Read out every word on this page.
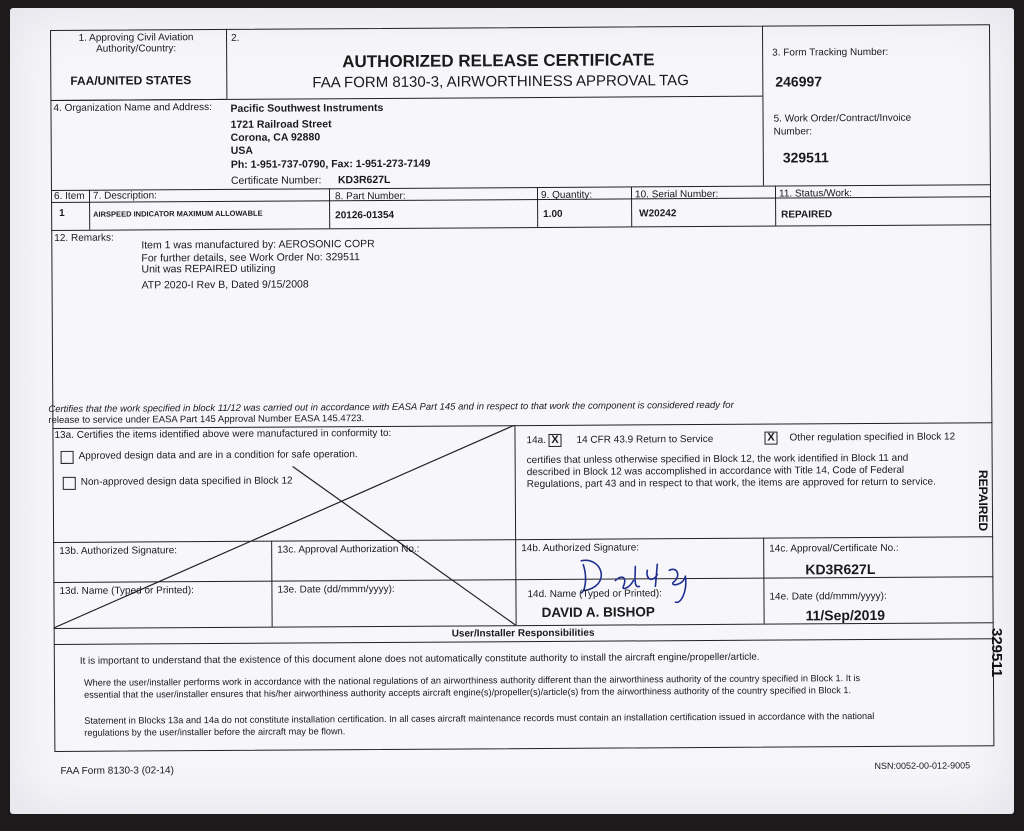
1. Approving Civil Aviation Authority/Country:
FAA/UNITED STATES
2.
AUTHORIZED RELEASE CERTIFICATE
FAA FORM 8130-3, AIRWORTHINESS APPROVAL TAG
3. Form Tracking Number:
246997
4. Organization Name and Address: Pacific Southwest Instruments
1721 Railroad Street
Corona, CA 92880
USA
Ph: 1-951-737-0790, Fax: 1-951-273-7149
Certificate Number: KD3R627L
5. Work Order/Contract/Invoice
Number:
329511
6. Item 7. Description:	8. Part Number:	9. Quantity:	10. Serial Number:	11. Status/Work:
1	AIRSPEED INDICATOR MAXIMUM ALLOWABLE	20126-01354	1.00	W20242	REPAIRED
12. Remarks:	Item 1 was manufactured by: AEROSONIC COPR
For further details, see Work Order No: 329511
Unit was REPAIRED utilizing
ATP 2020-I Rev B, Dated 9/15/2008
Certifies that the work specified in block 11/12 was carried out in accordance with EASA Part 145 and in respect to that work the component is considered ready for
release to service under EASA Part 145 Approval Number EASA 145.4723.
13a. Certifies the items identified above were manufactured in conformity to:
Approved design data and are in a condition for safe operation.
Non-approved design data specified in Block 12
14a. X 14 CFR 43.9 Return to Service	X Other regulation specified in Block 12
certifies that unless otherwise specified in Block 12, the work identified in Block 11 and
described in Block 12 was accomplished in accordance with Title 14, Code of Federal
Regulations, part 43 and in respect to that work, the items are approved for return to service.
13b. Authorized Signature:	13c. Approval Authorization No.:	14b. Authorized Signature:	14c. Approval/Certificate No.:
KD3R627L
13d. Name (Typed or Printed):	13e. Date (dd/mmm/yyyy):	14d. Name (Typed or Printed):
DAVID A. BISHOP
14e. Date (dd/mmm/yyyy):
11/Sep/2019
User/Installer Responsibilities
It is important to understand that the existence of this document alone does not automatically constitute authority to install the aircraft engine/propeller/article.
Where the user/installer performs work in accordance with the national regulations of an airworthiness authority different than the airworthiness authority of the country specified in Block 1. It is
essential that the user/installer ensures that his/her airworthiness authority accepts aircraft engine(s)/propeller(s)/article(s) from the airworthiness authority of the country specified in Block 1.
Statement in Blocks 13a and 14a do not constitute installation certification. In all cases aircraft maintenance records must contain an installation certification issued in accordance with the national
regulations by the user/installer before the aircraft may be flown.
FAA Form 8130-3 (02-14)	NSN:0052-00-012-9005
REPAIRED
329511
